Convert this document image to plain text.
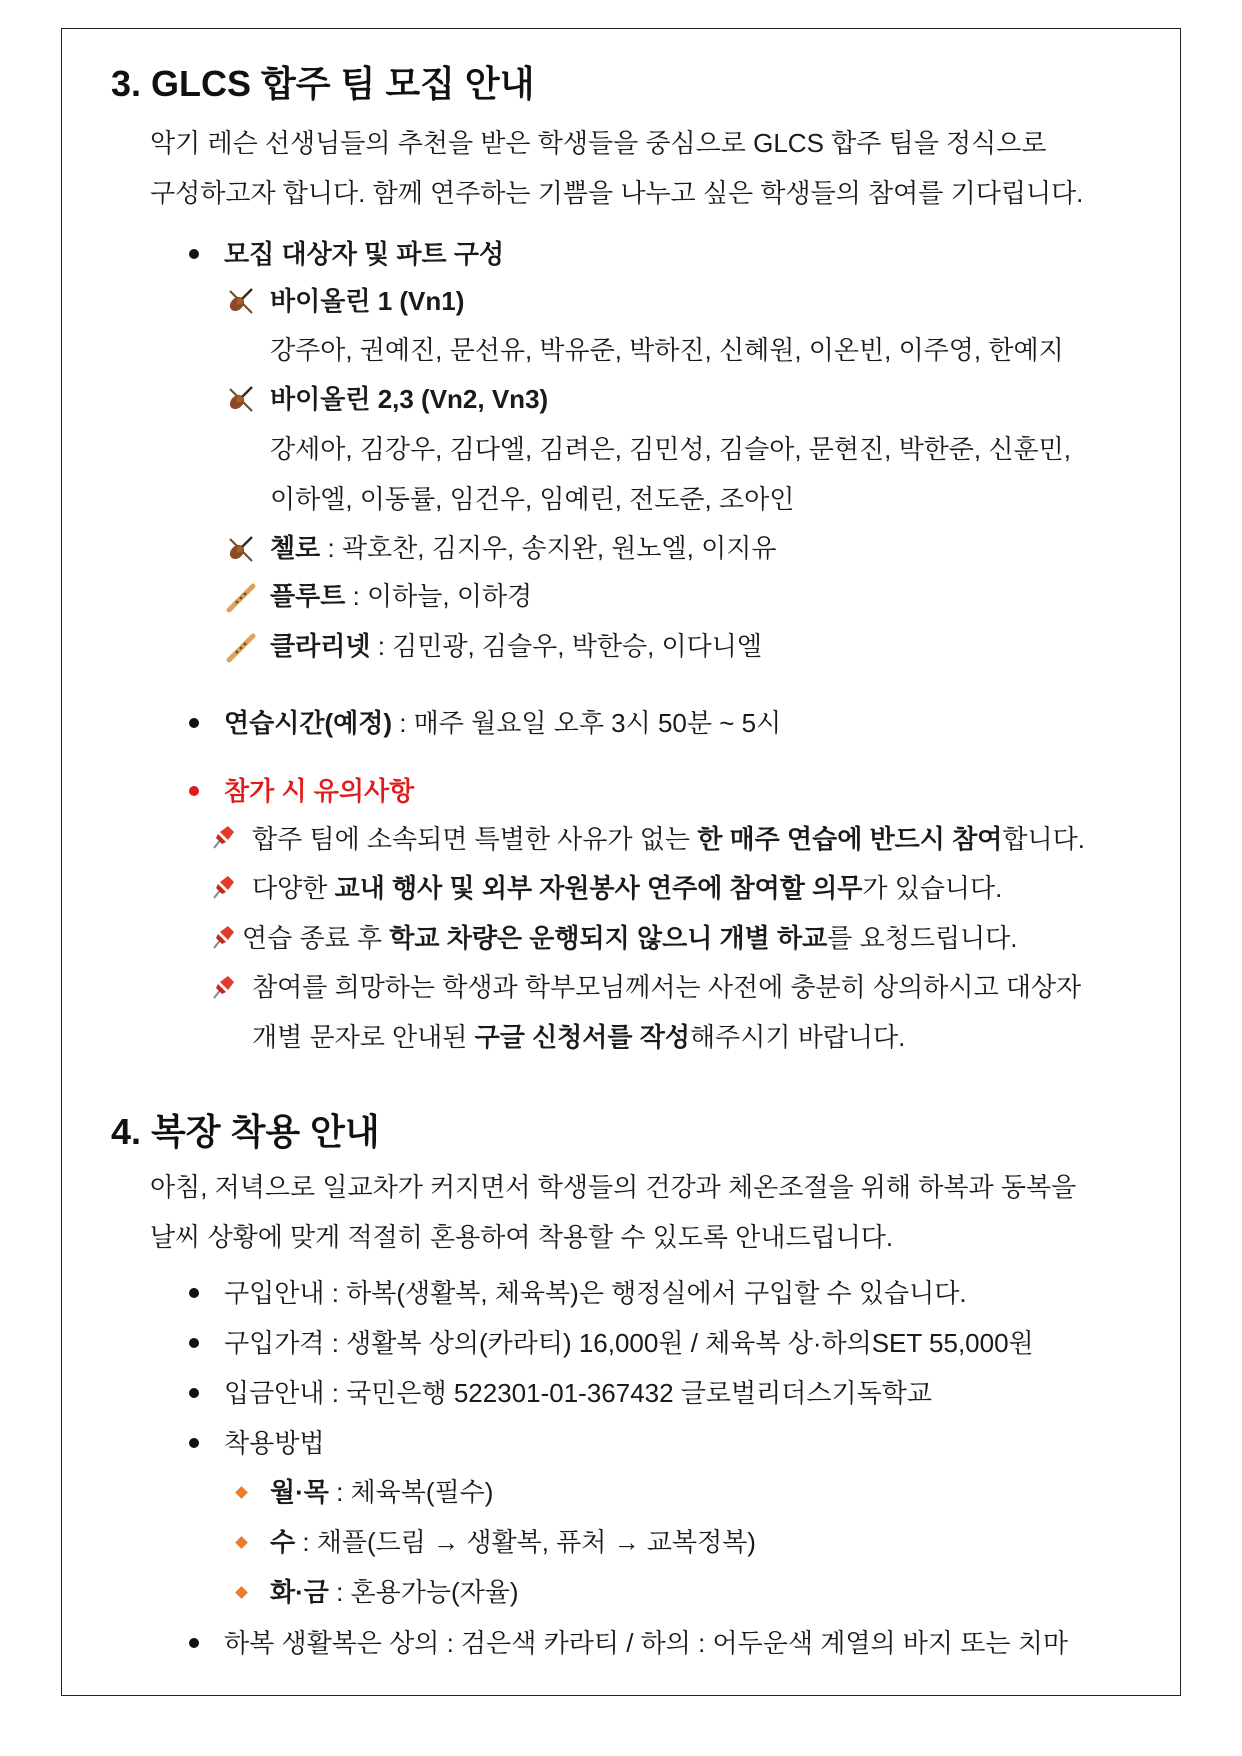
3. GLCS 합주 팀 모집 안내
악기 레슨 선생님들의 추천을 받은 학생들을 중심으로 GLCS 합주 팀을 정식으로
구성하고자 합니다. 함께 연주하는 기쁨을 나누고 싶은 학생들의 참여를 기다립니다.
모집 대상자 및 파트 구성
바이올린 1 (Vn1)
강주아, 권예진, 문선유, 박유준, 박하진, 신혜원, 이온빈, 이주영, 한예지
바이올린 2,3 (Vn2, Vn3)
강세아, 김강우, 김다엘, 김려은, 김민성, 김슬아, 문현진, 박한준, 신훈민,
이하엘, 이동률, 임건우, 임예린, 전도준, 조아인
첼로 : 곽호찬, 김지우, 송지완, 원노엘, 이지유
플루트 : 이하늘, 이하경
클라리넷 : 김민광, 김슬우, 박한승, 이다니엘
연습시간(예정) : 매주 월요일 오후 3시 50분 ~ 5시
참가 시 유의사항
합주 팀에 소속되면 특별한 사유가 없는 한 매주 연습에 반드시 참여합니다.
다양한 교내 행사 및 외부 자원봉사 연주에 참여할 의무가 있습니다.
연습 종료 후 학교 차량은 운행되지 않으니 개별 하교를 요청드립니다.
참여를 희망하는 학생과 학부모님께서는 사전에 충분히 상의하시고 대상자
개별 문자로 안내된 구글 신청서를 작성해주시기 바랍니다.
4. 복장 착용 안내
아침, 저녁으로 일교차가 커지면서 학생들의 건강과 체온조절을 위해 하복과 동복을
날씨 상황에 맞게 적절히 혼용하여 착용할 수 있도록 안내드립니다.
구입안내 : 하복(생활복, 체육복)은 행정실에서 구입할 수 있습니다.
구입가격 : 생활복 상의(카라티) 16,000원 / 체육복 상·하의SET 55,000원
입금안내 : 국민은행 522301-01-367432 글로벌리더스기독학교
착용방법
월·목 : 체육복(필수)
수 : 채플(드림 → 생활복, 퓨처 → 교복정복)
화·금 : 혼용가능(자율)
하복 생활복은 상의 : 검은색 카라티 / 하의 : 어두운색 계열의 바지 또는 치마
